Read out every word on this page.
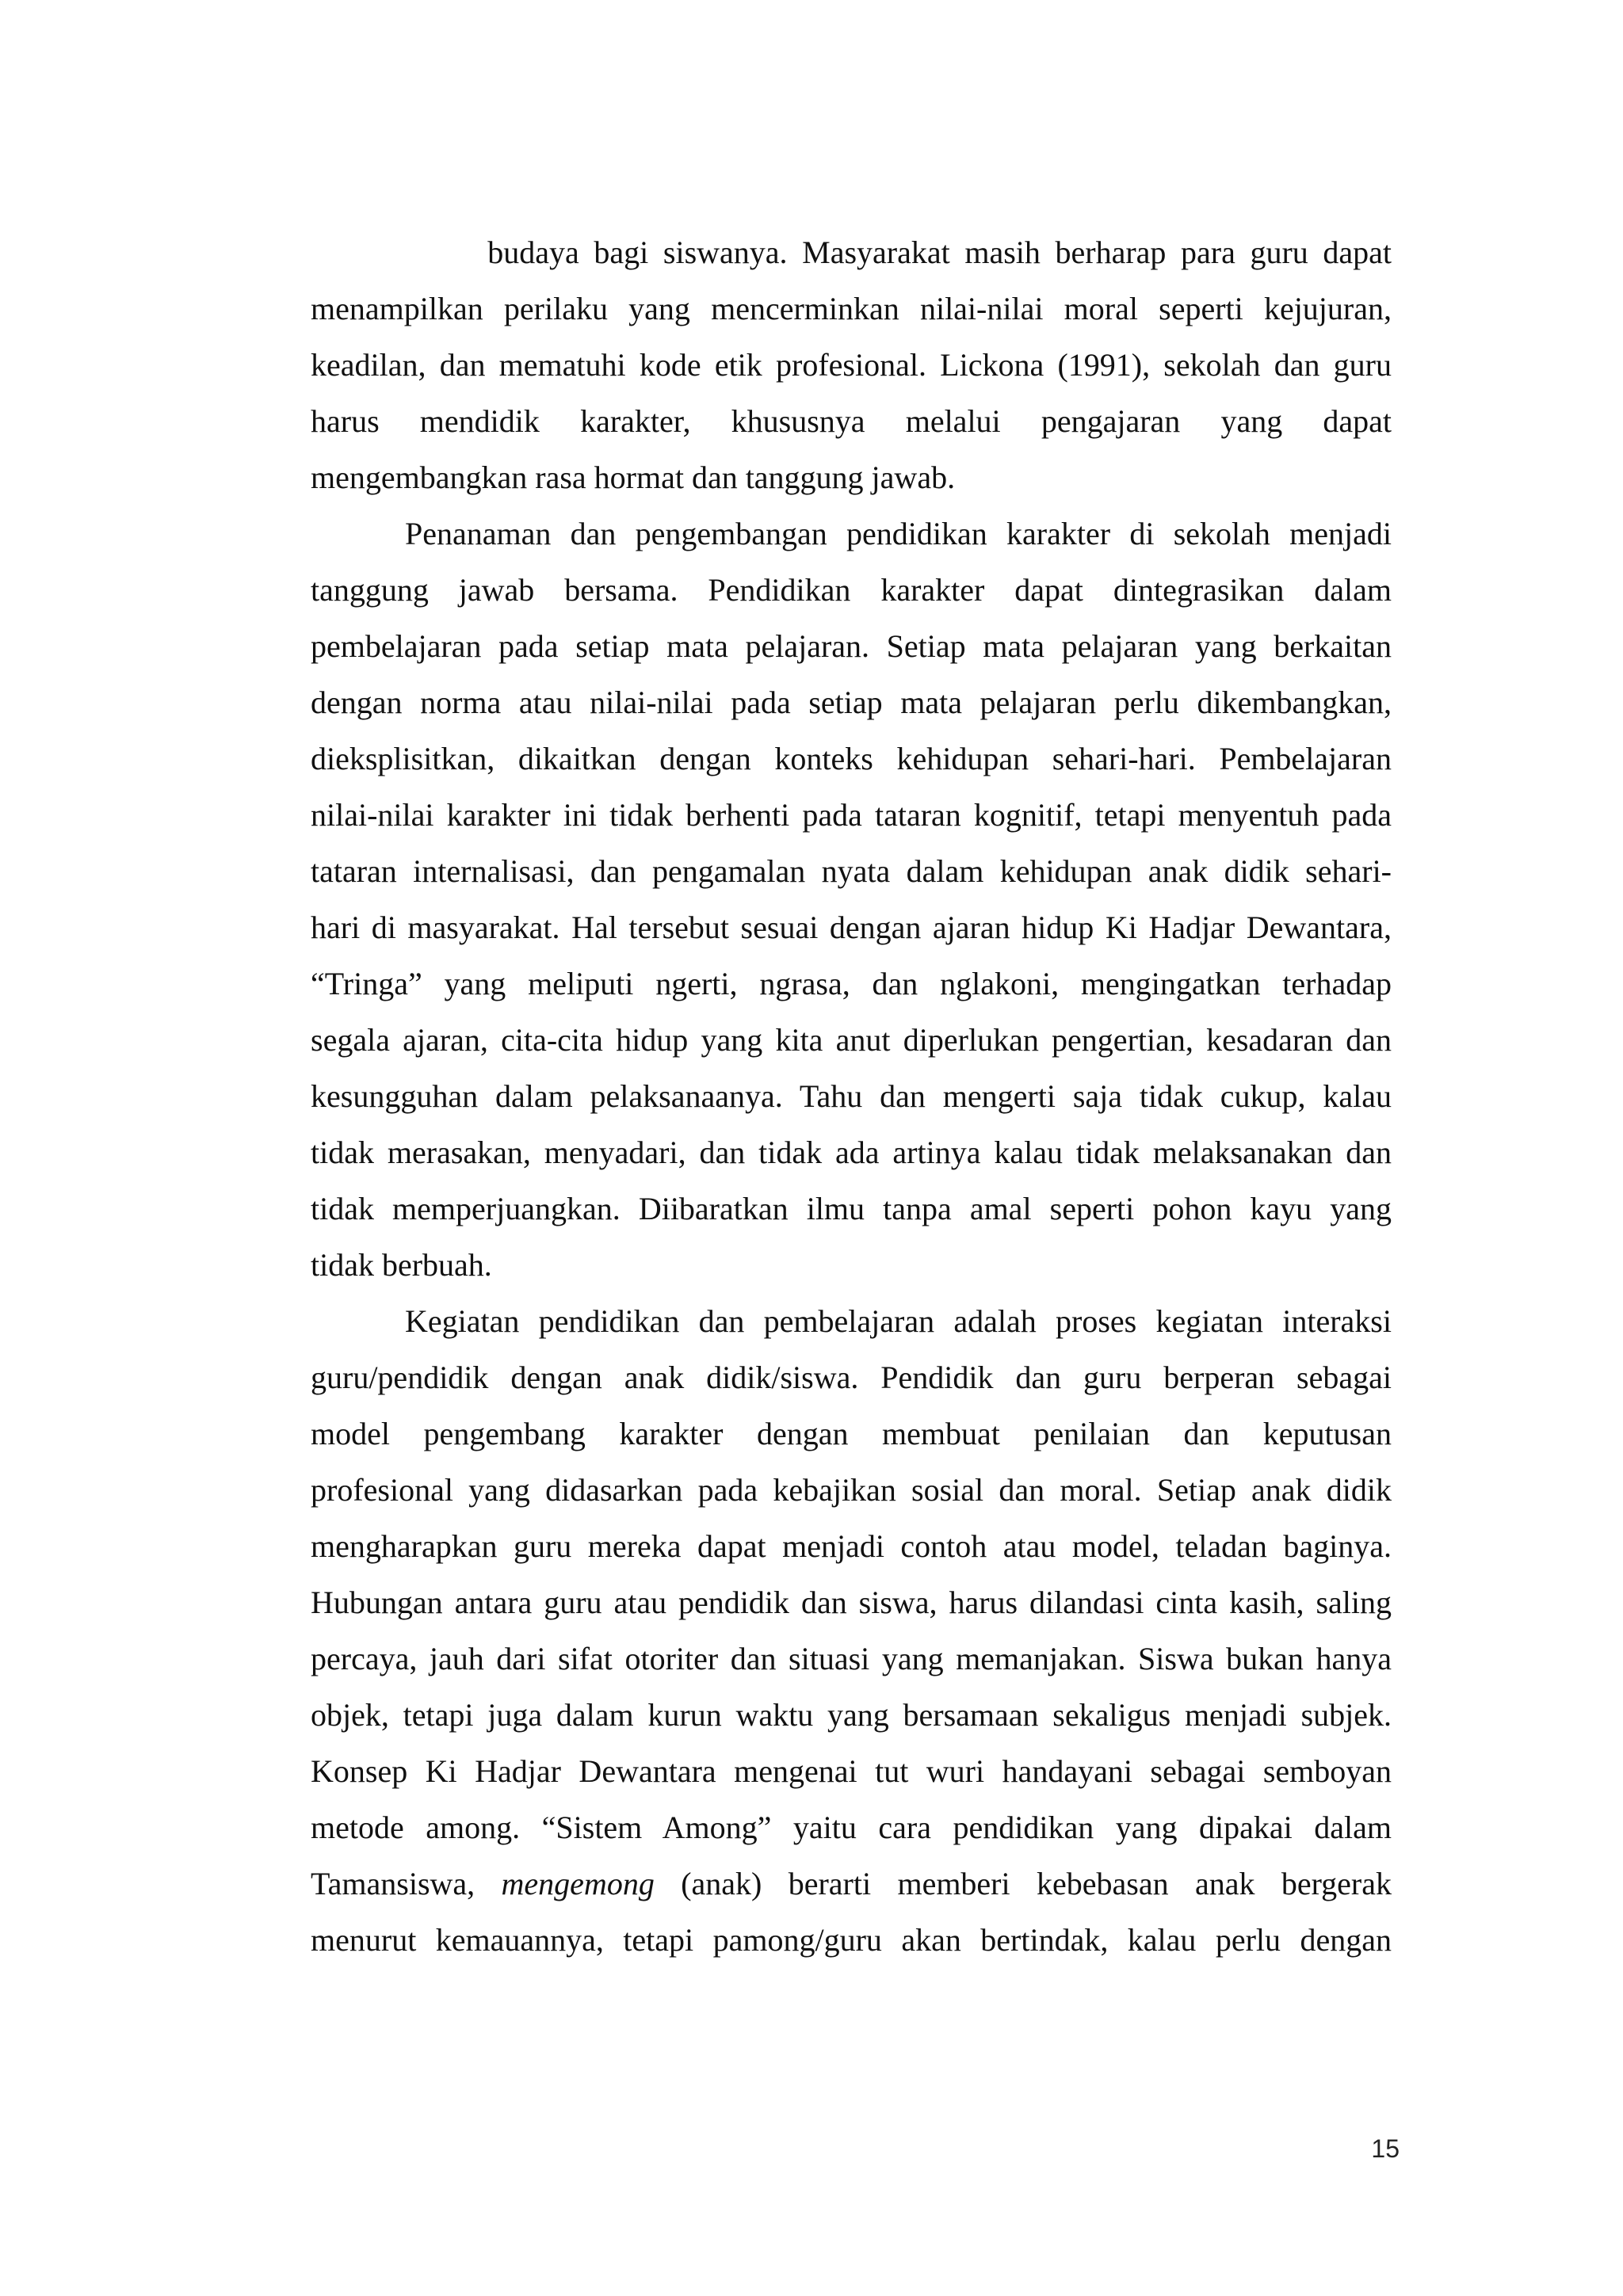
budaya bagi siswanya. Masyarakat masih berharap para guru dapat
menampilkan perilaku yang mencerminkan nilai-nilai moral seperti kejujuran,
keadilan, dan mematuhi kode etik profesional. Lickona (1991), sekolah dan guru
harus mendidik karakter, khususnya melalui pengajaran yang dapat
mengembangkan rasa hormat dan tanggung jawab.
Penanaman dan pengembangan pendidikan karakter di sekolah menjadi
tanggung jawab bersama. Pendidikan karakter dapat dintegrasikan dalam
pembelajaran pada setiap mata pelajaran. Setiap mata pelajaran yang berkaitan
dengan norma atau nilai-nilai pada setiap mata pelajaran perlu dikembangkan,
dieksplisitkan, dikaitkan dengan konteks kehidupan sehari-hari. Pembelajaran
nilai-nilai karakter ini tidak berhenti pada tataran kognitif, tetapi menyentuh pada
tataran internalisasi, dan pengamalan nyata dalam kehidupan anak didik sehari-
hari di masyarakat. Hal tersebut sesuai dengan ajaran hidup Ki Hadjar Dewantara,
“Tringa” yang meliputi ngerti, ngrasa, dan nglakoni, mengingatkan terhadap
segala ajaran, cita-cita hidup yang kita anut diperlukan pengertian, kesadaran dan
kesungguhan dalam pelaksanaanya. Tahu dan mengerti saja tidak cukup, kalau
tidak merasakan, menyadari, dan tidak ada artinya kalau tidak melaksanakan dan
tidak memperjuangkan. Diibaratkan ilmu tanpa amal seperti pohon kayu yang
tidak berbuah.
Kegiatan pendidikan dan pembelajaran adalah proses kegiatan interaksi
guru/pendidik dengan anak didik/siswa. Pendidik dan guru berperan sebagai
model pengembang karakter dengan membuat penilaian dan keputusan
profesional yang didasarkan pada kebajikan sosial dan moral. Setiap anak didik
mengharapkan guru mereka dapat menjadi contoh atau model, teladan baginya.
Hubungan antara guru atau pendidik dan siswa, harus dilandasi cinta kasih, saling
percaya, jauh dari sifat otoriter dan situasi yang memanjakan. Siswa bukan hanya
objek, tetapi juga dalam kurun waktu yang bersamaan sekaligus menjadi subjek.
Konsep Ki Hadjar Dewantara mengenai tut wuri handayani sebagai semboyan
metode among. “Sistem Among” yaitu cara pendidikan yang dipakai dalam
Tamansiswa, mengemong (anak) berarti memberi kebebasan anak bergerak
menurut kemauannya, tetapi pamong/guru akan bertindak, kalau perlu dengan
15
